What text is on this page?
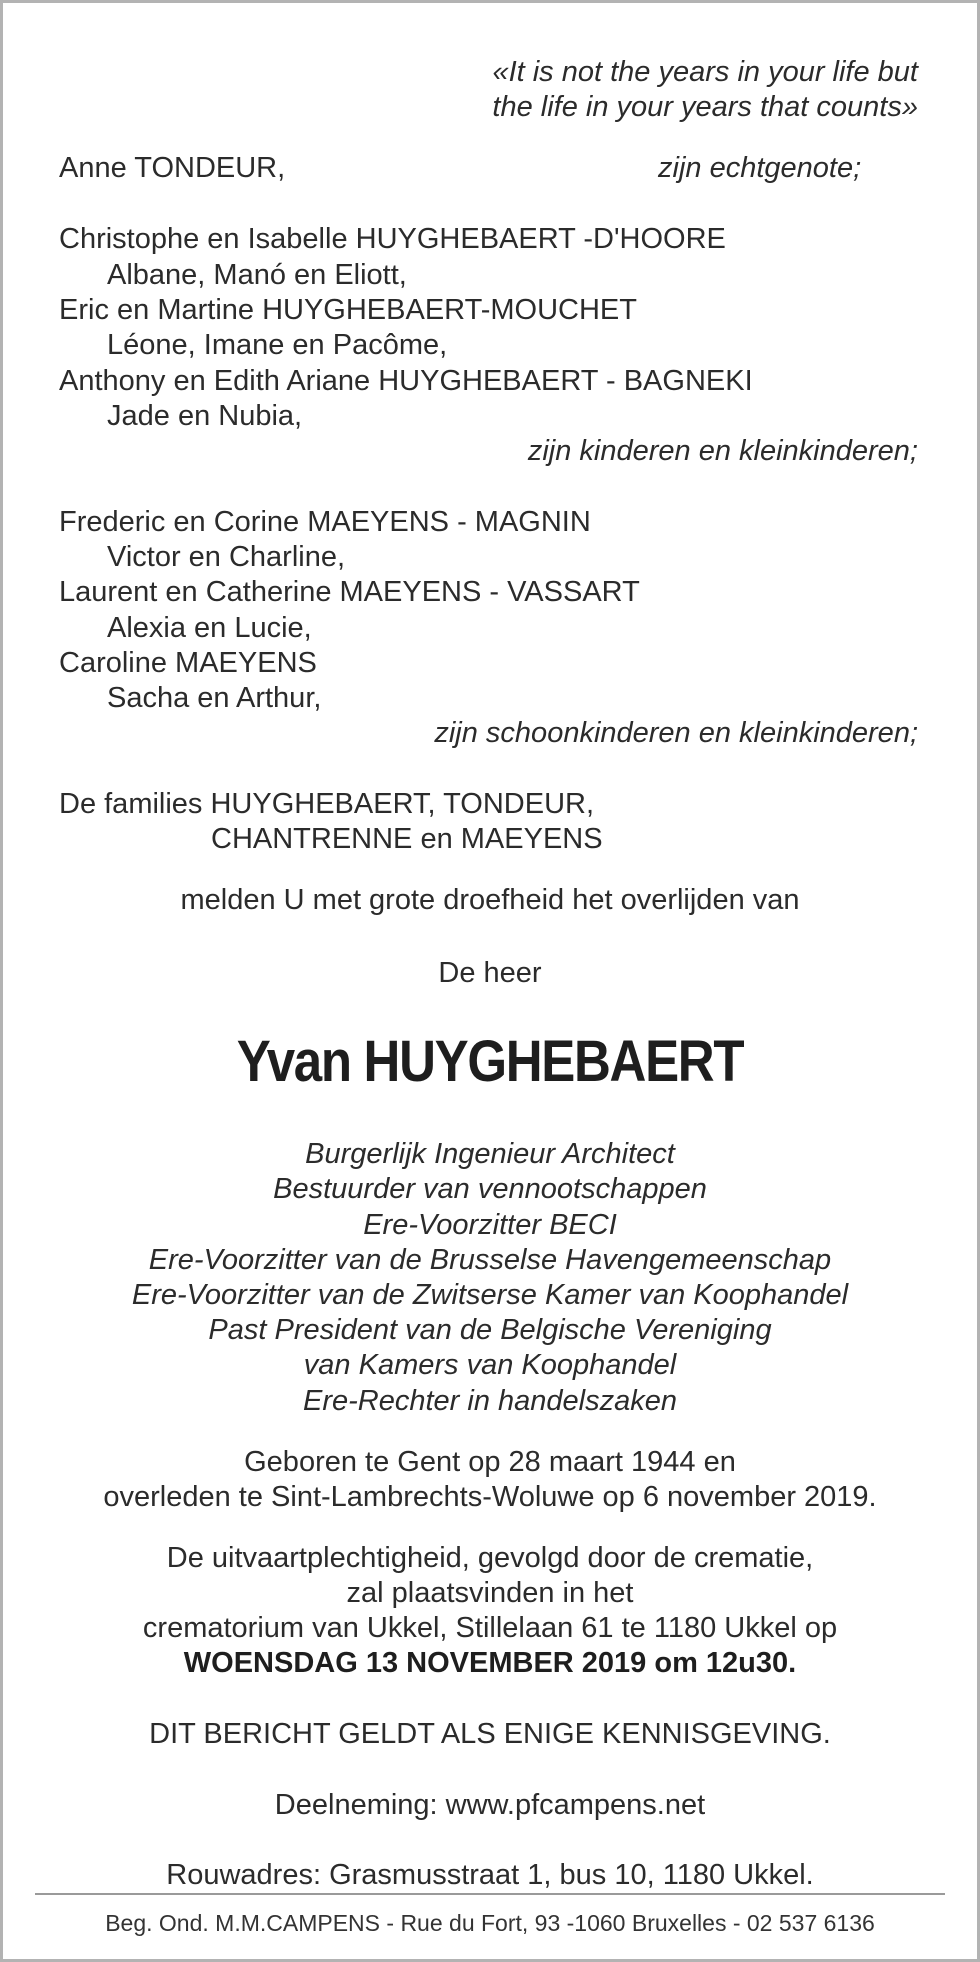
«It is not the years in your life but
the life in your years that counts»
Anne TONDEUR,	zijn echtgenote;
Christophe en Isabelle HUYGHEBAERT -D'HOORE
Albane, Manó en Eliott,
Eric en Martine HUYGHEBAERT-MOUCHET
Léone, Imane en Pacôme,
Anthony en Edith Ariane HUYGHEBAERT - BAGNEKI
Jade en Nubia,
zijn kinderen en kleinkinderen;
Frederic en Corine MAEYENS - MAGNIN
Victor en Charline,
Laurent en Catherine MAEYENS - VASSART
Alexia en Lucie,
Caroline MAEYENS
Sacha en Arthur,
zijn schoonkinderen en kleinkinderen;
De families HUYGHEBAERT, TONDEUR,
CHANTRENNE en MAEYENS
melden U met grote droefheid het overlijden van
De heer
Yvan HUYGHEBAERT
Burgerlijk Ingenieur Architect
Bestuurder van vennootschappen
Ere-Voorzitter BECI
Ere-Voorzitter van de Brusselse Havengemeenschap
Ere-Voorzitter van de Zwitserse Kamer van Koophandel
Past President van de Belgische Vereniging
van Kamers van Koophandel
Ere-Rechter in handelszaken
Geboren te Gent op 28 maart 1944 en
overleden te Sint-Lambrechts-Woluwe op 6 november 2019.
De uitvaartplechtigheid, gevolgd door de crematie,
zal plaatsvinden in het
crematorium van Ukkel, Stillelaan 61 te 1180 Ukkel op
WOENSDAG 13 NOVEMBER 2019 om 12u30.
DIT BERICHT GELDT ALS ENIGE KENNISGEVING.
Deelneming: www.pfcampens.net
Rouwadres: Grasmusstraat 1, bus 10, 1180 Ukkel.
Beg. Ond. M.M.CAMPENS - Rue du Fort, 93 -1060 Bruxelles - 02 537 6136
